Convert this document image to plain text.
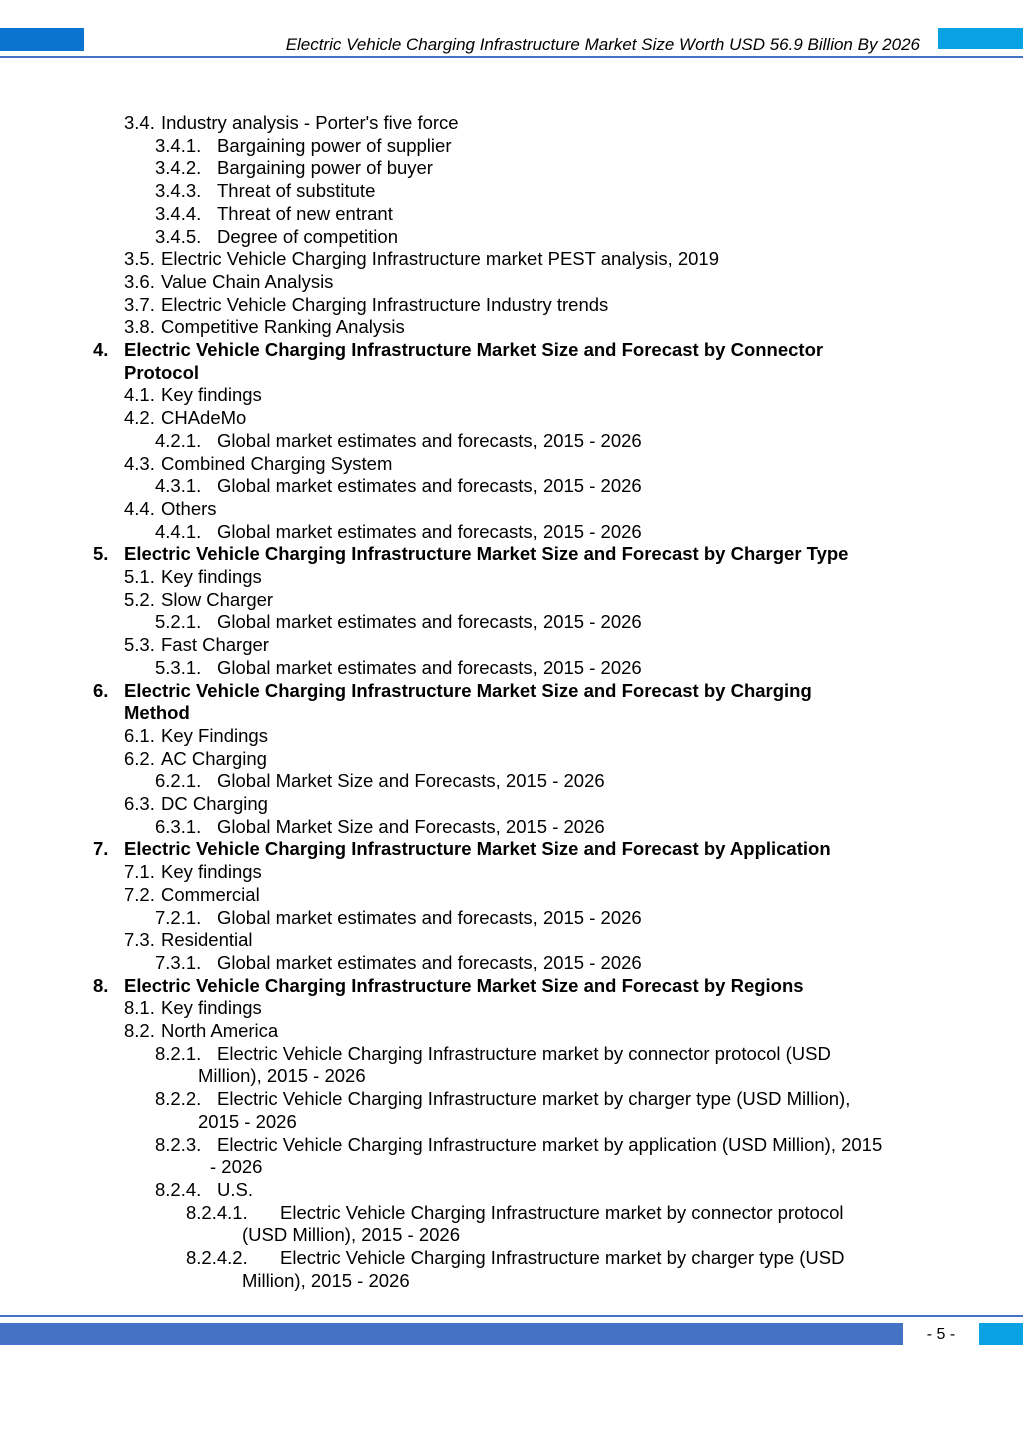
Electric Vehicle Charging Infrastructure Market Size Worth USD 56.9 Billion By 2026
3.4. Industry analysis - Porter's five force
3.4.1. Bargaining power of supplier
3.4.2. Bargaining power of buyer
3.4.3. Threat of substitute
3.4.4. Threat of new entrant
3.4.5. Degree of competition
3.5. Electric Vehicle Charging Infrastructure market PEST analysis, 2019
3.6. Value Chain Analysis
3.7. Electric Vehicle Charging Infrastructure Industry trends
3.8. Competitive Ranking Analysis
4. Electric Vehicle Charging Infrastructure Market Size and Forecast by Connector
Protocol
4.1. Key findings
4.2. CHAdeMo
4.2.1. Global market estimates and forecasts, 2015 - 2026
4.3. Combined Charging System
4.3.1. Global market estimates and forecasts, 2015 - 2026
4.4. Others
4.4.1. Global market estimates and forecasts, 2015 - 2026
5. Electric Vehicle Charging Infrastructure Market Size and Forecast by Charger Type
5.1. Key findings
5.2. Slow Charger
5.2.1. Global market estimates and forecasts, 2015 - 2026
5.3. Fast Charger
5.3.1. Global market estimates and forecasts, 2015 - 2026
6. Electric Vehicle Charging Infrastructure Market Size and Forecast by Charging
Method
6.1. Key Findings
6.2. AC Charging
6.2.1. Global Market Size and Forecasts, 2015 - 2026
6.3. DC Charging
6.3.1. Global Market Size and Forecasts, 2015 - 2026
7. Electric Vehicle Charging Infrastructure Market Size and Forecast by Application
7.1. Key findings
7.2. Commercial
7.2.1. Global market estimates and forecasts, 2015 - 2026
7.3. Residential
7.3.1. Global market estimates and forecasts, 2015 - 2026
8. Electric Vehicle Charging Infrastructure Market Size and Forecast by Regions
8.1. Key findings
8.2. North America
8.2.1. Electric Vehicle Charging Infrastructure market by connector protocol (USD
Million), 2015 - 2026
8.2.2. Electric Vehicle Charging Infrastructure market by charger type (USD Million),
2015 - 2026
8.2.3. Electric Vehicle Charging Infrastructure market by application (USD Million), 2015
- 2026
8.2.4. U.S.
8.2.4.1. Electric Vehicle Charging Infrastructure market by connector protocol
(USD Million), 2015 - 2026
8.2.4.2. Electric Vehicle Charging Infrastructure market by charger type (USD
Million), 2015 - 2026
- 5 -
